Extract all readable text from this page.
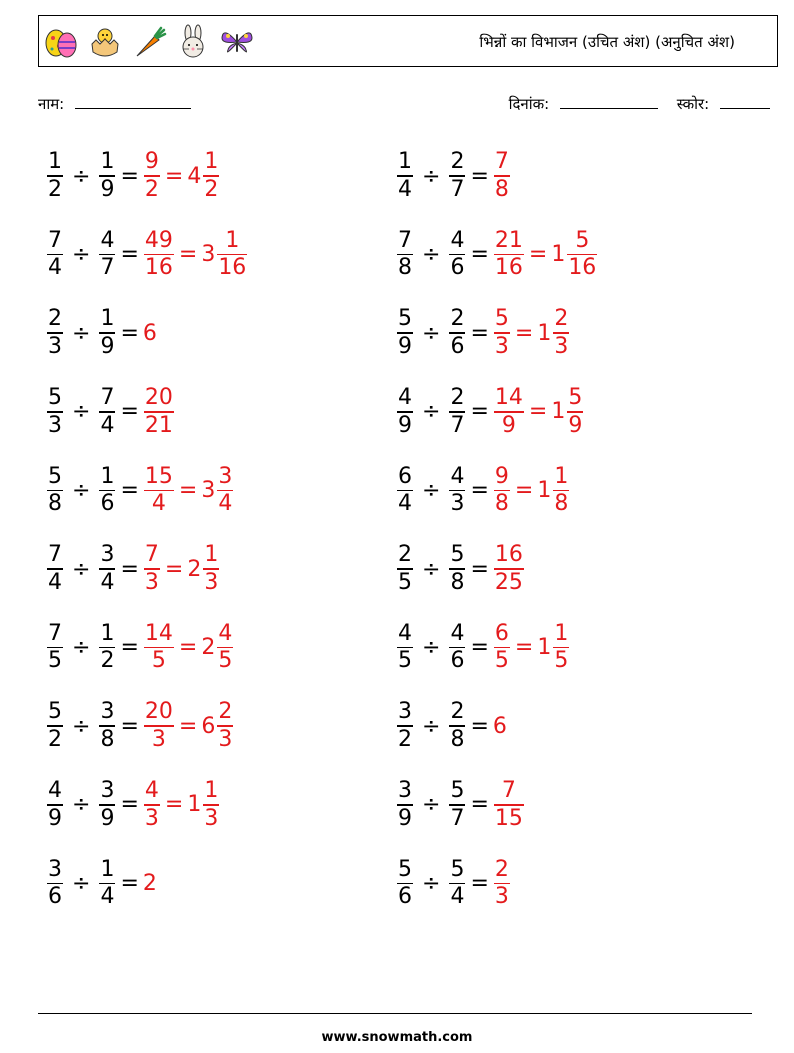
भिन्नों का विभाजन (उचित अंश) (अनुचित अंश)
नाम:	दिनांक:	स्कोर:
$\frac{1}{2} \div \frac{1}{9} = \frac{9}{2} = 4 \frac{1}{2}$	$\frac{1}{4} \div \frac{2}{7} = \frac{7}{8}$
$\frac{7}{4} \div \frac{4}{7} = \frac{49}{16} = 3 \frac{1}{16}$	$\frac{7}{8} \div \frac{4}{6} = \frac{21}{16} = 1 \frac{5}{16}$
$\frac{2}{3} \div \frac{1}{9} = 6$	$\frac{5}{9} \div \frac{2}{6} = \frac{5}{3} = 1 \frac{2}{3}$
$\frac{5}{3} \div \frac{7}{4} = \frac{20}{21}$	$\frac{4}{9} \div \frac{2}{7} = \frac{14}{9} = 1 \frac{5}{9}$
$\frac{5}{8} \div \frac{1}{6} = \frac{15}{4} = 3 \frac{3}{4}$	$\frac{6}{4} \div \frac{4}{3} = \frac{9}{8} = 1 \frac{1}{8}$
$\frac{7}{4} \div \frac{3}{4} = \frac{7}{3} = 2 \frac{1}{3}$	$\frac{2}{5} \div \frac{5}{8} = \frac{16}{25}$
$\frac{7}{5} \div \frac{1}{2} = \frac{14}{5} = 2 \frac{4}{5}$	$\frac{4}{5} \div \frac{4}{6} = \frac{6}{5} = 1 \frac{1}{5}$
$\frac{5}{2} \div \frac{3}{8} = \frac{20}{3} = 6 \frac{2}{3}$	$\frac{3}{2} \div \frac{2}{8} = 6$
$\frac{4}{9} \div \frac{3}{9} = \frac{4}{3} = 1 \frac{1}{3}$	$\frac{3}{9} \div \frac{5}{7} = \frac{7}{15}$
$\frac{3}{6} \div \frac{1}{4} = 2$	$\frac{5}{6} \div \frac{5}{4} = \frac{2}{3}$
www.snowmath.com
